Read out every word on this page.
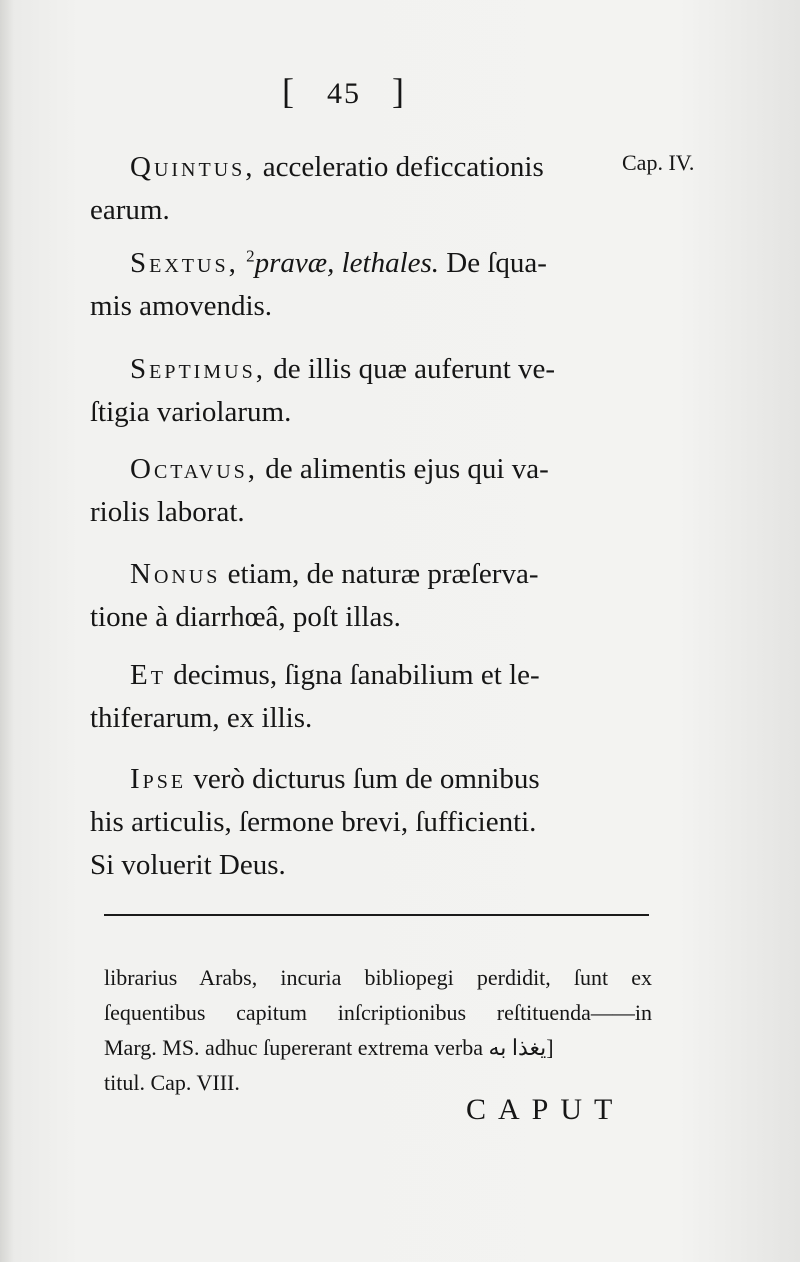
[ 45 ]

Quintus, acceleratio deficcationis
earum.

Cap. IV.

Sextus, $^2$pravæ, lethales. De ſqua-
mis amovendis.

Septimus, de illis quæ auferunt ve-
ſtigia variolarum.

Octavus, de alimentis ejus qui va-
riolis laborat.

Nonus etiam, de naturæ præſerva-
tione à diarrhœâ, poſt illas.

Et decimus, ſigna ſanabilium et le-
thiferarum, ex illis.

Ipse verò dicturus ſum de omnibus
his articulis, ſermone brevi, ſufficienti.
Si voluerit Deus.

librarius Arabs, incuria bibliopegi perdidit, ſunt ex
ſequentibus capitum inſcriptionibus reſtituenda——in
Marg. MS. adhuc ſupererant extrema verba يغذا به]
titul. Cap. VIII.

CAPUT
